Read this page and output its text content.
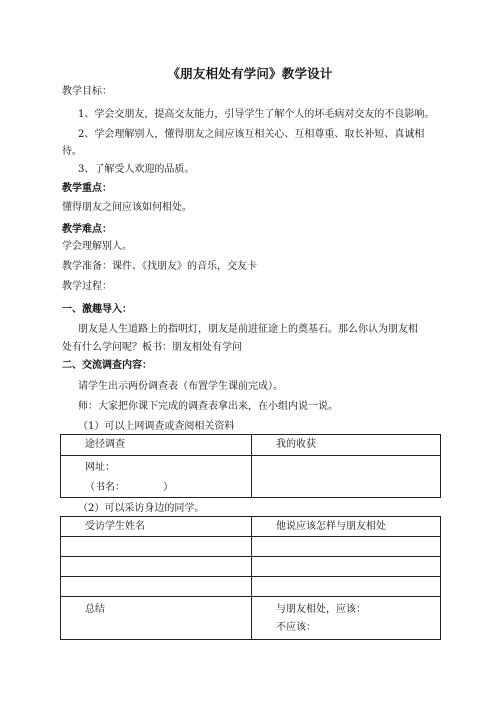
《朋友相处有学问》教学设计
教学目标：
1、学会交朋友，提高交友能力，引导学生了解个人的坏毛病对交友的不良影响。
2、学会理解别人，懂得朋友之间应该互相关心、互相尊重、取长补短、真诚相
待。
3、了解受人欢迎的品质。
教学重点：
懂得朋友之间应该如何相处。
教学难点：
学会理解别人。
教学准备：课件、《找朋友》的音乐，交友卡
教学过程：
一、激趣导入：
朋友是人生道路上的指明灯，朋友是前进征途上的奠基石。那么你认为朋友相
处有什么学问呢？板书：朋友相处有学问
二、交流调查内容：
请学生出示两份调查表（布置学生课前完成）。
师：大家把你课下完成的调查表拿出来，在小组内说一说。
（1）可以上网调查或查阅相关资料
途径调查	我的收获

网址：
（书名：            ）	

（2）可以采访身边的同学。
受访学生姓名	他说应该怎样与朋友相处

总结	与朋友相处，应该：
不应该：
